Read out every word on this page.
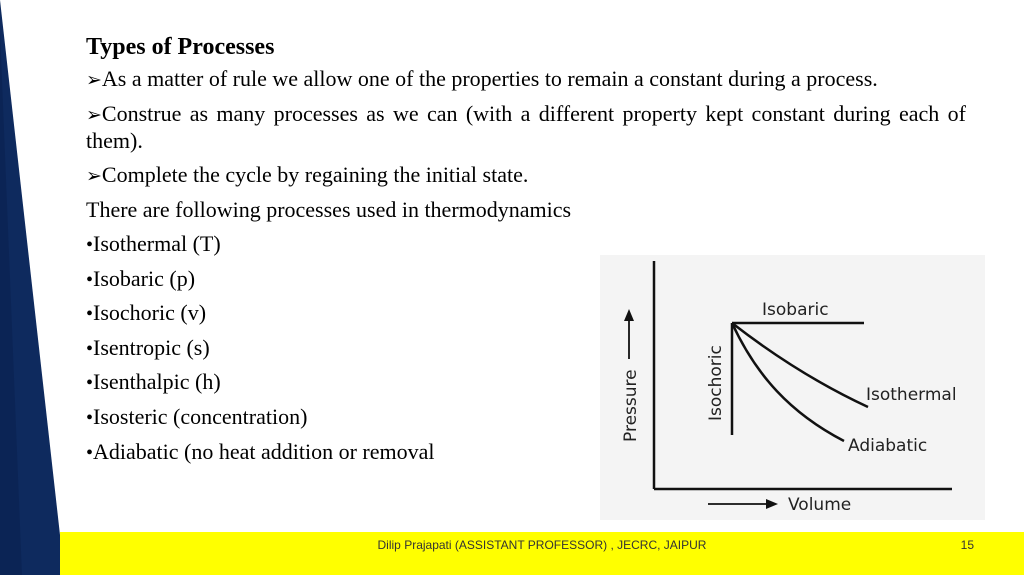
Types of Processes

➢As a matter of rule we allow one of the properties to remain a constant during a process.

➢Construe as many processes as we can (with a different property kept constant during each of them).

➢Complete the cycle by regaining the initial state.

There are following processes used in thermodynamics

•Isothermal (T)
•Isobaric (p)
•Isochoric (v)
•Isentropic (s)
•Isenthalpic (h)
•Isosteric (concentration)
•Adiabatic (no heat addition or removal
Pressure
Volume
Isobaric
Isochoric	Isothermal
Adiabatic
Dilip Prajapati (ASSISTANT PROFESSOR) , JECRC, JAIPUR	15
